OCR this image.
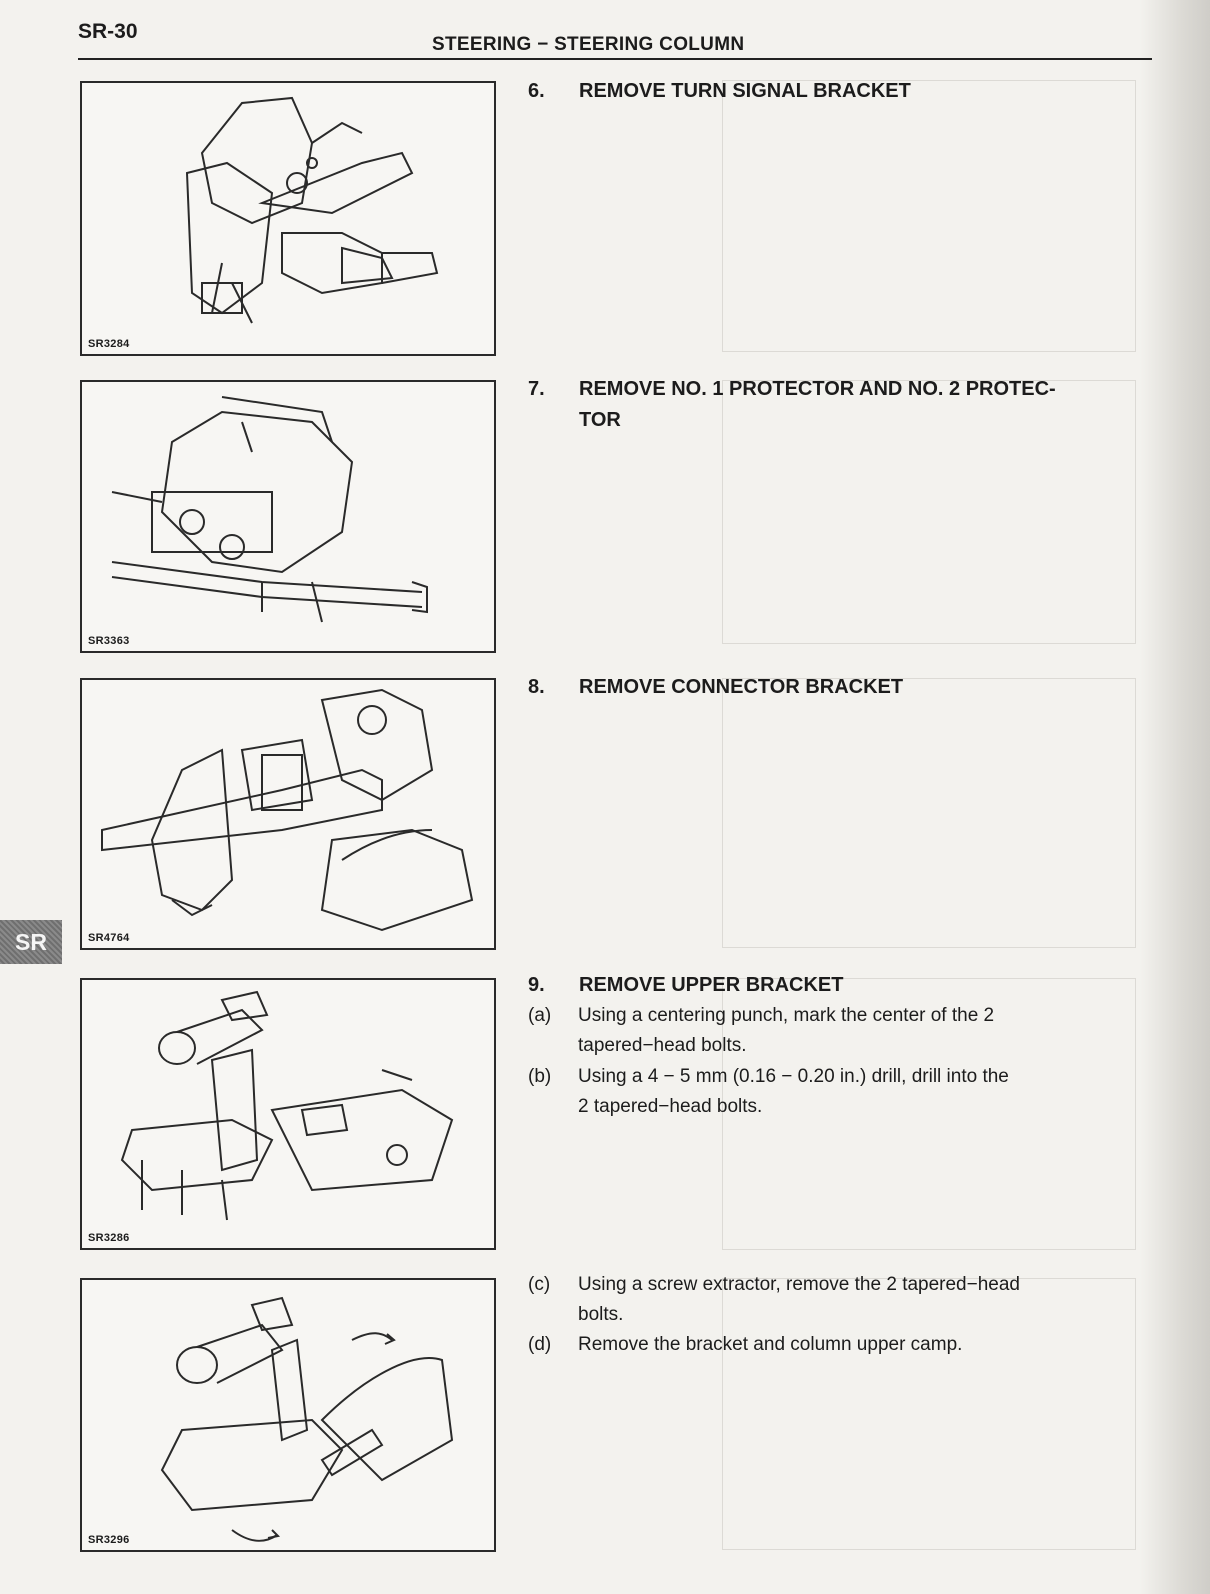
SR-30
STEERING − STEERING COLUMN
SR
SR3284
SR3363
SR4764
SR3286
SR3296
6. REMOVE TURN SIGNAL BRACKET
7. REMOVE NO. 1 PROTECTOR AND NO. 2 PROTEC-
TOR
8. REMOVE CONNECTOR BRACKET
9. REMOVE UPPER BRACKET
(a) Using a centering punch, mark the center of the 2
tapered−head bolts.
(b) Using a 4 − 5 mm (0.16 − 0.20 in.) drill, drill into the
2 tapered−head bolts.
(c) Using a screw extractor, remove the 2 tapered−head
bolts.
(d) Remove the bracket and column upper camp.
